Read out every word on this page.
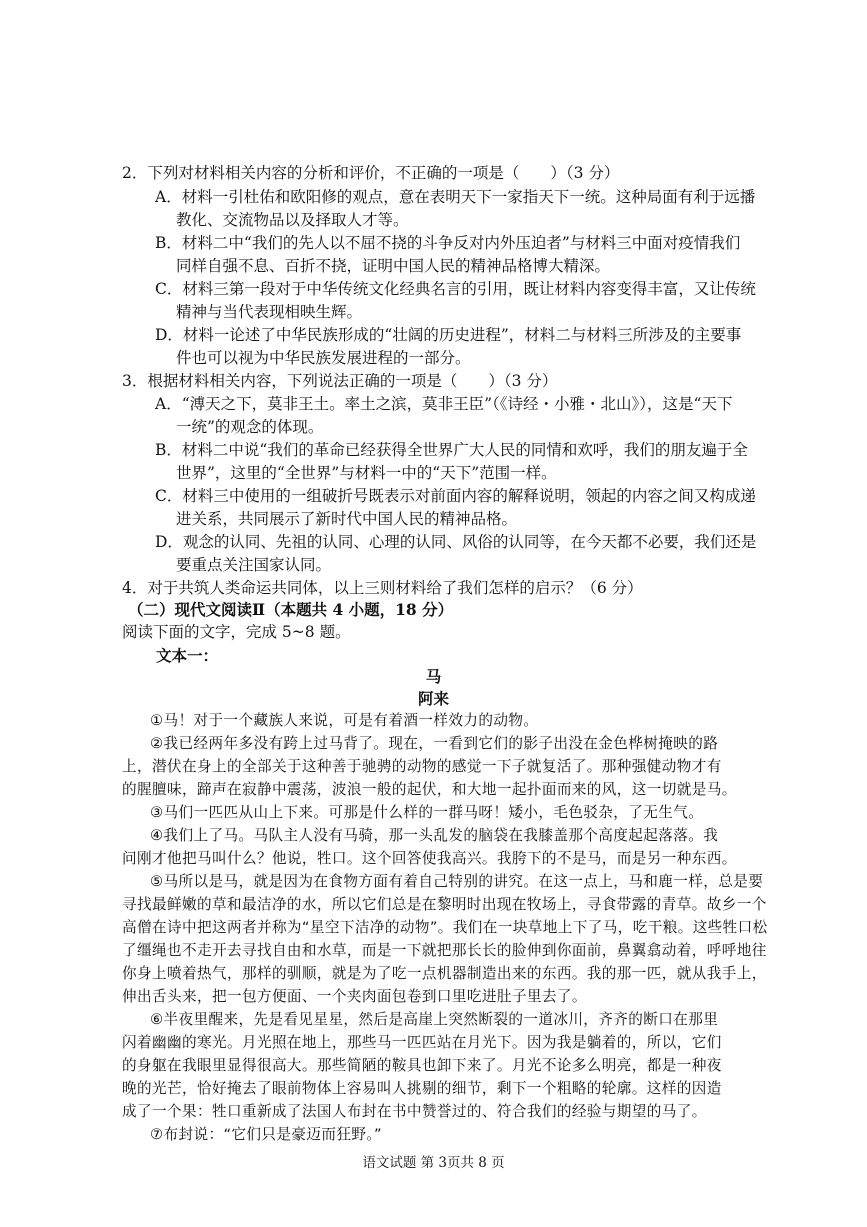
2．下列对材料相关内容的分析和评价，不正确的一项是（　　）（3 分）
A．材料一引杜佑和欧阳修的观点，意在表明天下一家指天下一统。这种局面有利于远播
教化、交流物品以及择取人才等。
B．材料二中“我们的先人以不屈不挠的斗争反对内外压迫者”与材料三中面对疫情我们
同样自强不息、百折不挠，证明中国人民的精神品格博大精深。
C．材料三第一段对于中华传统文化经典名言的引用，既让材料内容变得丰富，又让传统
精神与当代表现相映生辉。
D．材料一论述了中华民族形成的“壮阔的历史进程”，材料二与材料三所涉及的主要事
件也可以视为中华民族发展进程的一部分。
3．根据材料相关内容，下列说法正确的一项是（　　）（3 分）
A．“溥天之下，莫非王土。率土之滨，莫非王臣”（《诗经・小雅・北山》），这是“天下
一统”的观念的体现。
B．材料二中说“我们的革命已经获得全世界广大人民的同情和欢呼，我们的朋友遍于全
世界”，这里的“全世界”与材料一中的“天下”范围一样。
C．材料三中使用的一组破折号既表示对前面内容的解释说明，领起的内容之间又构成递
进关系，共同展示了新时代中国人民的精神品格。
D．观念的认同、先祖的认同、心理的认同、风俗的认同等，在今天都不必要，我们还是
要重点关注国家认同。
4．对于共筑人类命运共同体，以上三则材料给了我们怎样的启示？（6 分）
（二）现代文阅读Ⅱ（本题共 4 小题，18 分）
阅读下面的文字，完成 5~8 题。
文本一：
马
阿来
①马！对于一个藏族人来说，可是有着酒一样效力的动物。
②我已经两年多没有跨上过马背了。现在，一看到它们的影子出没在金色桦树掩映的路
上，潜伏在身上的全部关于这种善于驰骋的动物的感觉一下子就复活了。那种强健动物才有
的腥膻味，蹄声在寂静中震荡，波浪一般的起伏，和大地一起扑面而来的风，这一切就是马。
③马们一匹匹从山上下来。可那是什么样的一群马呀！矮小，毛色驳杂，了无生气。
④我们上了马。马队主人没有马骑，那一头乱发的脑袋在我膝盖那个高度起起落落。我
问刚才他把马叫什么？他说，牲口。这个回答使我高兴。我胯下的不是马，而是另一种东西。
⑤马所以是马，就是因为在食物方面有着自己特别的讲究。在这一点上，马和鹿一样，总是要
寻找最鲜嫩的草和最洁净的水，所以它们总是在黎明时出现在牧场上，寻食带露的青草。故乡一个
高僧在诗中把这两者并称为“星空下洁净的动物”。我们在一块草地上下了马，吃干粮。这些牲口松
了缰绳也不走开去寻找自由和水草，而是一下就把那长长的脸伸到你面前，鼻翼翕动着，呼呼地往
你身上喷着热气，那样的驯顺，就是为了吃一点机器制造出来的东西。我的那一匹，就从我手上，
伸出舌头来，把一包方便面、一个夹肉面包卷到口里吃进肚子里去了。
⑥半夜里醒来，先是看见星星，然后是高崖上突然断裂的一道冰川，齐齐的断口在那里
闪着幽幽的寒光。月光照在地上，那些马一匹匹站在月光下。因为我是躺着的，所以，它们
的身躯在我眼里显得很高大。那些简陋的鞍具也卸下来了。月光不论多么明亮，都是一种夜
晚的光芒，恰好掩去了眼前物体上容易叫人挑剔的细节，剩下一个粗略的轮廓。这样的因造
成了一个果：牲口重新成了法国人布封在书中赞誉过的、符合我们的经验与期望的马了。
⑦布封说：“它们只是豪迈而狂野。”
语文试题 第 3页共 8 页
